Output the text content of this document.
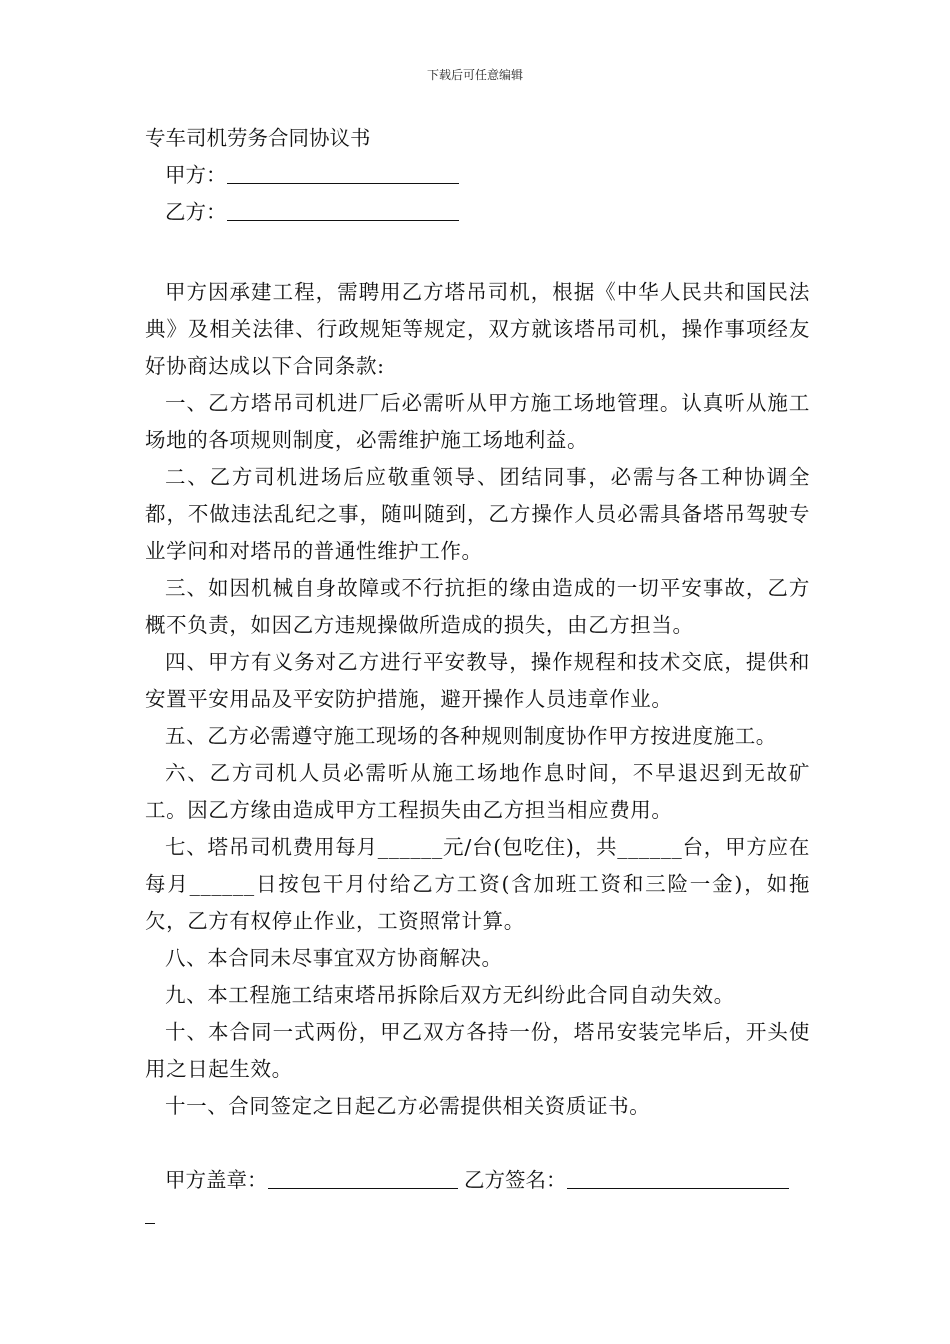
下载后可任意编辑
专车司机劳务合同协议书
甲方：
乙方：
甲方因承建工程，需聘用乙方塔吊司机，根据《中华人民共和国民法典》及相关法律、行政规矩等规定，双方就该塔吊司机，操作事项经友好协商达成以下合同条款:
一、乙方塔吊司机进厂后必需听从甲方施工场地管理。认真听从施工场地的各项规则制度，必需维护施工场地利益。
二、乙方司机进场后应敬重领导、团结同事，必需与各工种协调全都，不做违法乱纪之事，随叫随到，乙方操作人员必需具备塔吊驾驶专业学问和对塔吊的普通性维护工作。
三、如因机械自身故障或不行抗拒的缘由造成的一切平安事故，乙方概不负责，如因乙方违规操做所造成的损失，由乙方担当。
四、甲方有义务对乙方进行平安教导，操作规程和技术交底，提供和安置平安用品及平安防护措施，避开操作人员违章作业。
五、乙方必需遵守施工现场的各种规则制度协作甲方按进度施工。
六、乙方司机人员必需听从施工场地作息时间，不早退迟到无故矿工。因乙方缘由造成甲方工程损失由乙方担当相应费用。
七、塔吊司机费用每月______元/台(包吃住)，共______台，甲方应在每月______日按包干月付给乙方工资(含加班工资和三险一金)，如拖欠，乙方有权停止作业，工资照常计算。
八、本合同未尽事宜双方协商解决。
九、本工程施工结束塔吊拆除后双方无纠纷此合同自动失效。
十、本合同一式两份，甲乙双方各持一份，塔吊安装完毕后，开头使用之日起生效。
十一、合同签定之日起乙方必需提供相关资质证书。
甲方盖章：	乙方签名：
